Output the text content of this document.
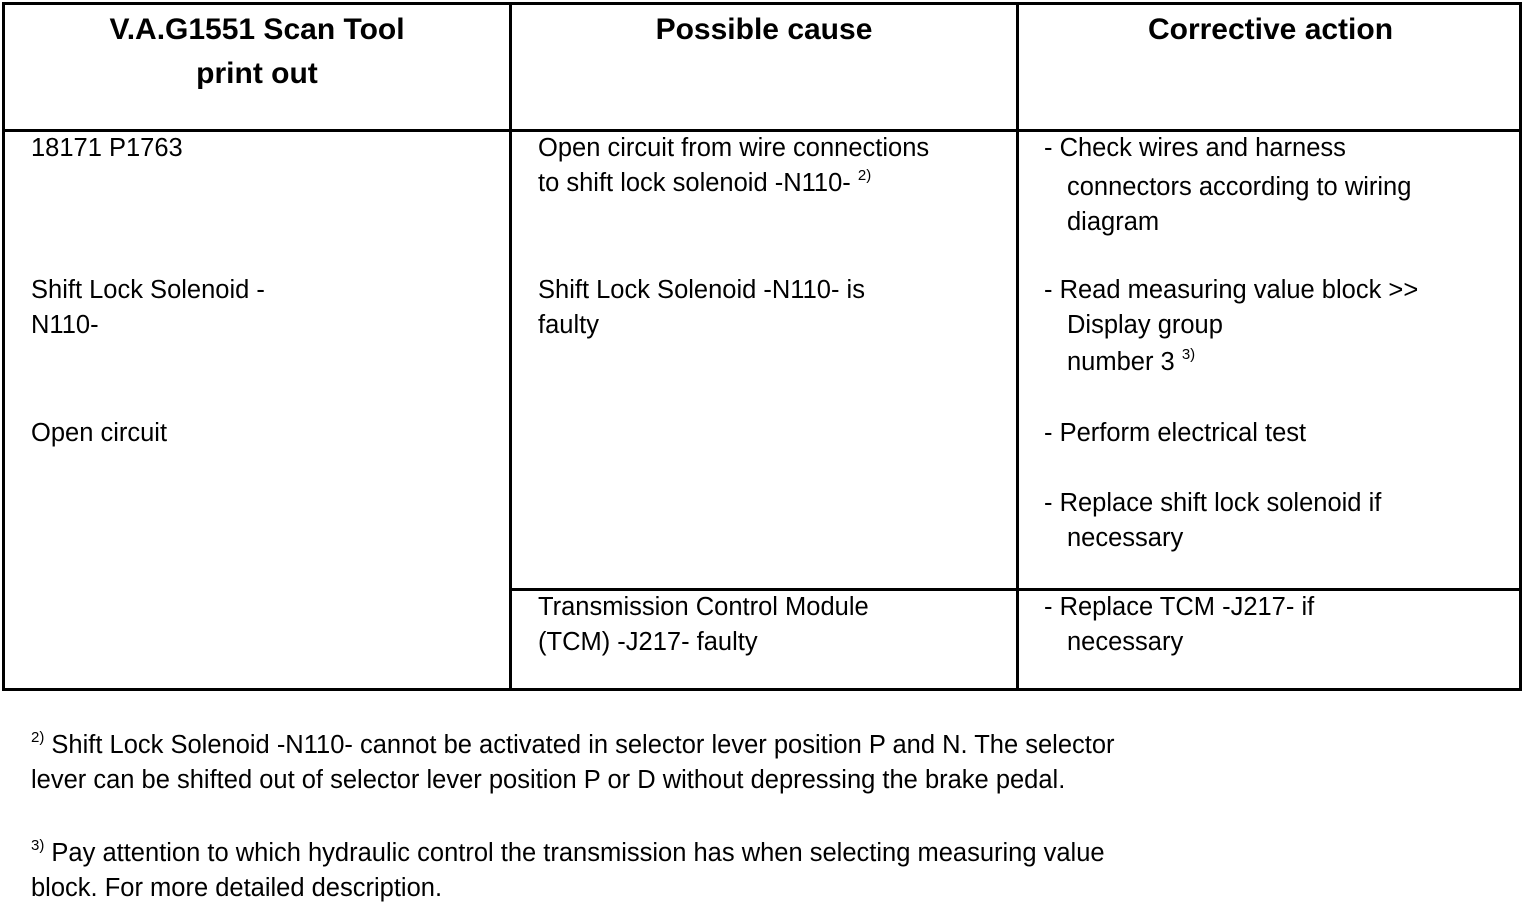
V.A.G1551 Scan Tool
print out
Possible cause	Corrective action
18171 P1763
Shift Lock Solenoid -
N110-
Open circuit
Open circuit from wire connections
to shift lock solenoid -N110- $^{2)}$
Shift Lock Solenoid -N110- is
faulty
Transmission Control Module
(TCM) -J217- faulty
- Check wires and harness
connectors according to wiring
diagram
- Read measuring value block >>
Display group
number 3 $^{3)}$
- Perform electrical test
- Replace shift lock solenoid if
necessary
- Replace TCM -J217- if
necessary
$^{2)}$ Shift Lock Solenoid -N110- cannot be activated in selector lever position P and N. The selector
lever can be shifted out of selector lever position P or D without depressing the brake pedal.
$^{3)}$ Pay attention to which hydraulic control the transmission has when selecting measuring value
block. For more detailed description.
